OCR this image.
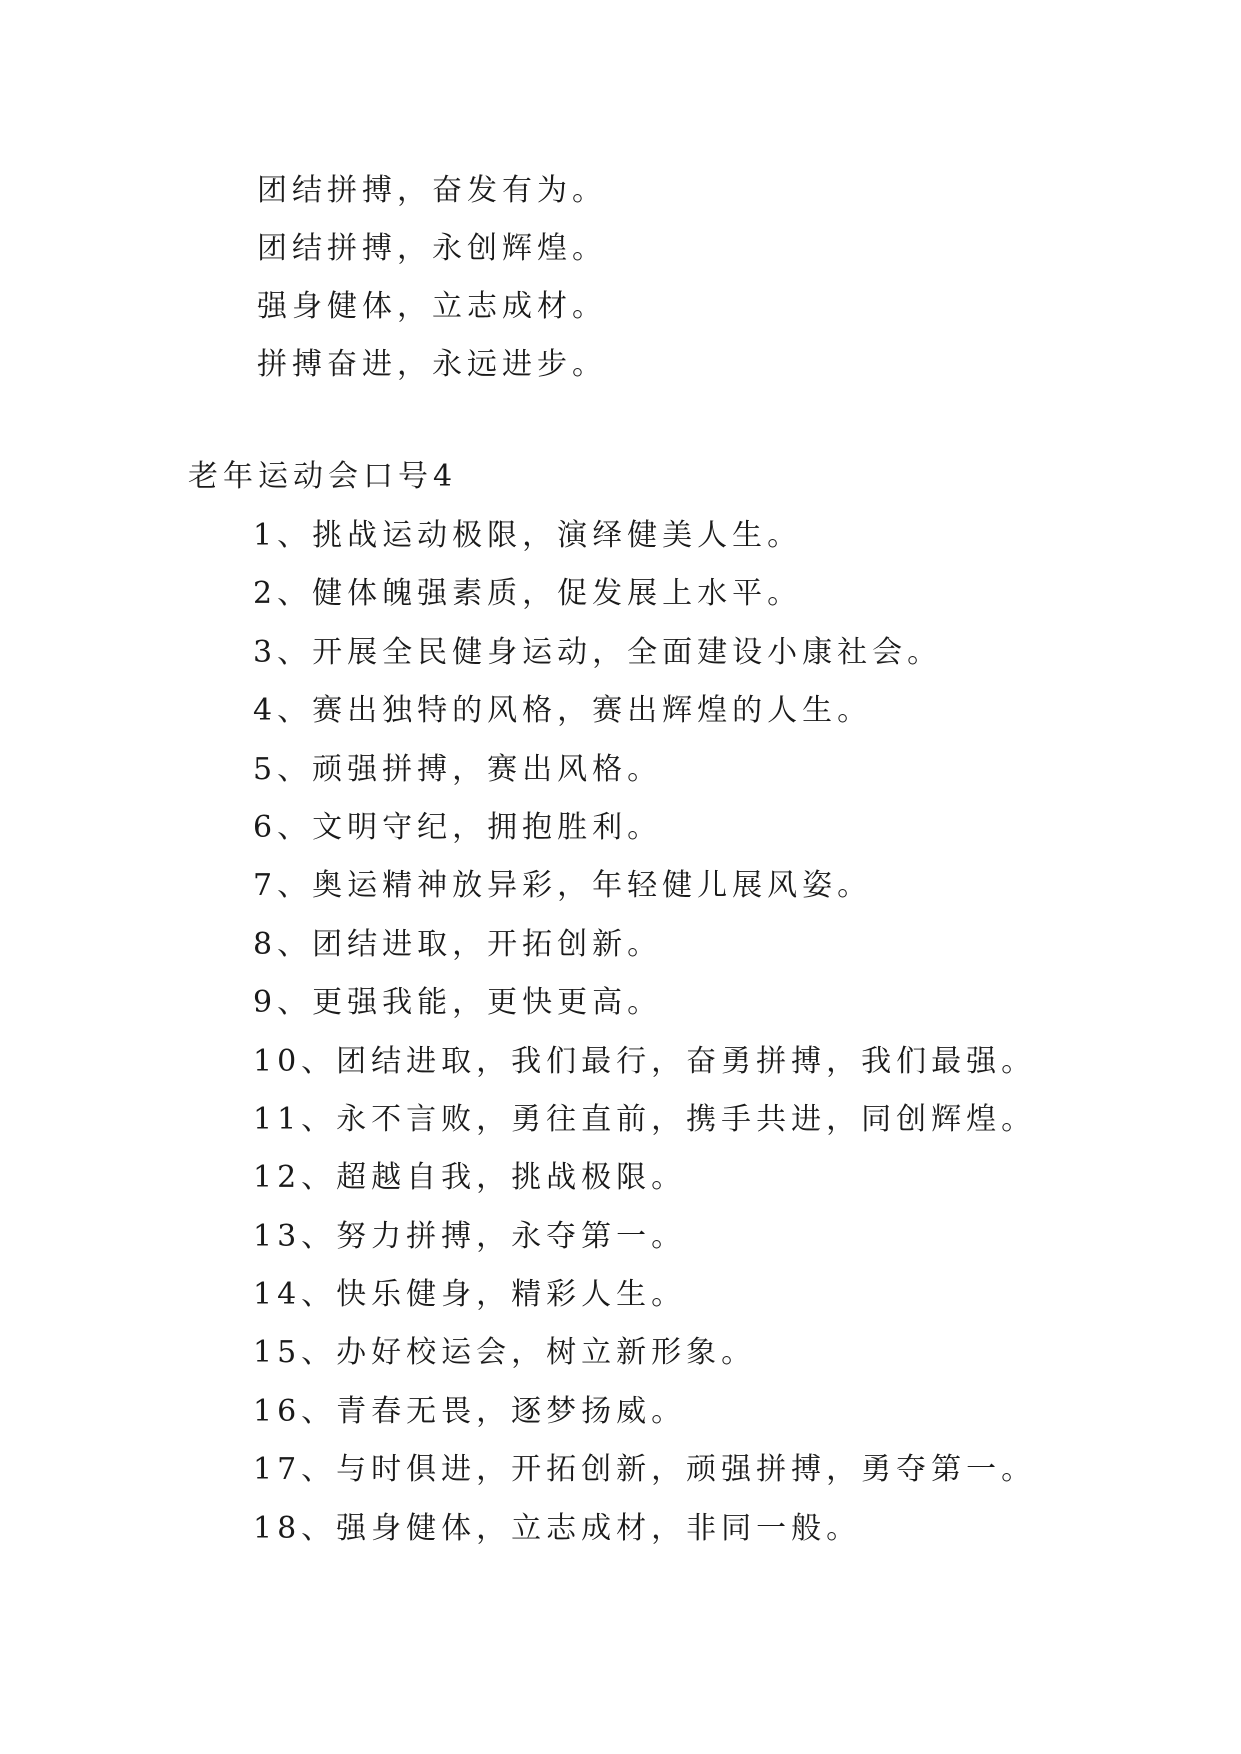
团结拼搏，奋发有为。
团结拼搏，永创辉煌。
强身健体，立志成材。
拼搏奋进，永远进步。
老年运动会口号4
1、挑战运动极限，演绎健美人生。
2、健体魄强素质，促发展上水平。
3、开展全民健身运动，全面建设小康社会。
4、赛出独特的风格，赛出辉煌的人生。
5、顽强拼搏，赛出风格。
6、文明守纪，拥抱胜利。
7、奥运精神放异彩，年轻健儿展风姿。
8、团结进取，开拓创新。
9、更强我能，更快更高。
10、团结进取，我们最行，奋勇拼搏，我们最强。
11、永不言败，勇往直前，携手共进，同创辉煌。
12、超越自我，挑战极限。
13、努力拼搏，永夺第一。
14、快乐健身，精彩人生。
15、办好校运会，树立新形象。
16、青春无畏，逐梦扬威。
17、与时俱进，开拓创新，顽强拼搏，勇夺第一。
18、强身健体，立志成材，非同一般。
